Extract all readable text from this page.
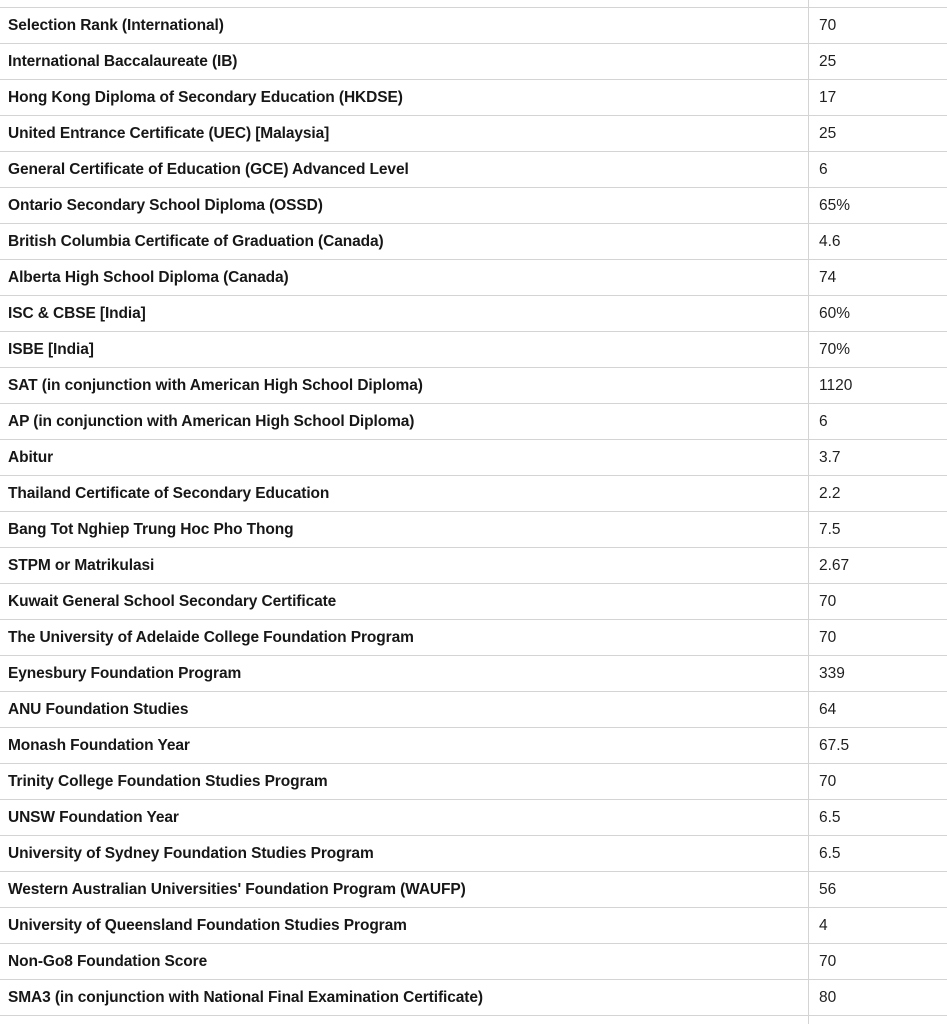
Selection Rank (International)	70
International Baccalaureate (IB)	25
Hong Kong Diploma of Secondary Education (HKDSE)	17
United Entrance Certificate (UEC) [Malaysia]	25
General Certificate of Education (GCE) Advanced Level	6
Ontario Secondary School Diploma (OSSD)	65%
British Columbia Certificate of Graduation (Canada)	4.6
Alberta High School Diploma (Canada)	74
ISC & CBSE [India]	60%
ISBE [India]	70%
SAT (in conjunction with American High School Diploma)	1120
AP (in conjunction with American High School Diploma)	6
Abitur	3.7
Thailand Certificate of Secondary Education	2.2
Bang Tot Nghiep Trung Hoc Pho Thong	7.5
STPM or Matrikulasi	2.67
Kuwait General School Secondary Certificate	70
The University of Adelaide College Foundation Program	70
Eynesbury Foundation Program	339
ANU Foundation Studies	64
Monash Foundation Year	67.5
Trinity College Foundation Studies Program	70
UNSW Foundation Year	6.5
University of Sydney Foundation Studies Program	6.5
Western Australian Universities' Foundation Program (WAUFP)	56
University of Queensland Foundation Studies Program	4
Non-Go8 Foundation Score	70
SMA3 (in conjunction with National Final Examination Certificate)	80
